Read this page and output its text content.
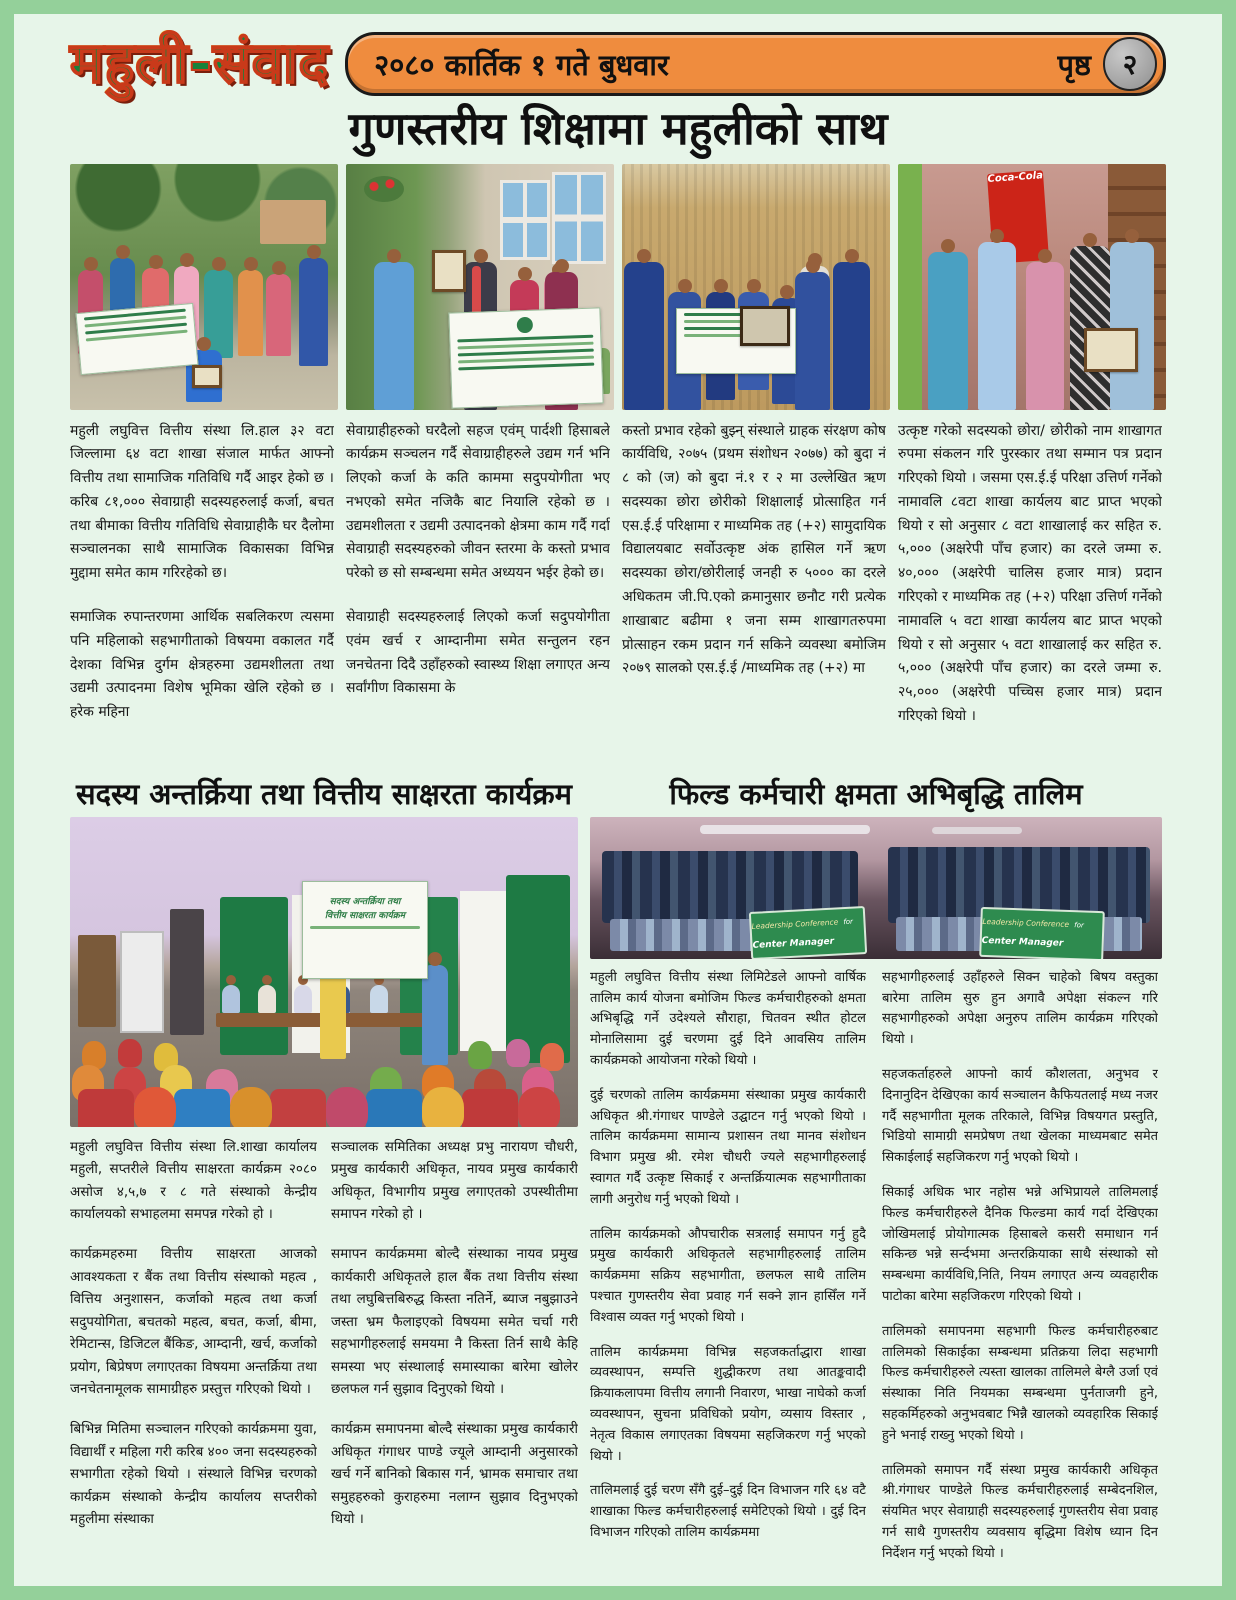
महुली-संवाद २०८० कार्तिक १ गते बुधवार	पृष्ठ	२
गुणस्तरीय शिक्षामा महुलीको साथ
Coca-Cola

महुली लघुवित्त वित्तीय संस्था लि.हाल ३२ वटा जिल्लामा ६४ वटा शाखा संजाल मार्फत आफ्नो वित्तीय तथा सामाजिक गतिविधि गर्दै आइर हेको छ । करिब ८१,००० सेवाग्राही सदस्यहरुलाई कर्जा, बचत तथा बीमाका वित्तीय गतिविधि सेवाग्राहीकै घर दैलोमा सञ्चालनका साथै सामाजिक विकासका विभिन्न मुद्दामा समेत काम गरिरहेको छ।

समाजिक रुपान्तरणमा आर्थिक सबलिकरण त्यसमा पनि महिलाको सहभागीताको विषयमा वकालत गर्दै देशका विभिन्न दुर्गम क्षेत्रहरुमा उद्यमशीलता तथा उद्यमी उत्पादनमा विशेष भूमिका खेलि रहेको छ । हरेक महिना

सेवाग्राहीहरुको घरदैलो सहज एवंम् पार्दशी हिसाबले कार्यक्रम सञ्चलन गर्दै सेवाग्राहीहरुले उद्यम गर्न भनि लिएको कर्जा के कति काममा सदुपयोगीता भए नभएको समेत नजिकै बाट नियालि रहेको छ । उद्यमशीलता र उद्यमी उत्पादनको क्षेत्रमा काम गर्दै गर्दा सेवाग्राही सदस्यहरुको जीवन स्तरमा के कस्तो प्रभाव परेको छ सो सम्बन्धमा समेत अध्ययन भईर हेको छ।

सेवाग्राही सदस्यहरुलाई लिएको कर्जा सदुपयोगीता एवंम खर्च र आम्दानीमा समेत सन्तुलन रहन जनचेतना दिदै उहाँहरुको स्वास्थ्य शिक्षा लगाएत अन्य सर्वांगीण विकासमा के

कस्तो प्रभाव रहेको बुझ्न् संस्थाले ग्राहक संरक्षण कोष कार्यविधि, २०७५ (प्रथम संशोधन २०७७) को बुदा नं ८ को (ज) को बुदा नं.१ र २ मा उल्लेखित ऋण सदस्यका छोरा छोरीको शिक्षालाई प्रोत्साहित गर्न एस.ई.ई परिक्षामा र माध्यमिक तह (+२) सामुदायिक विद्यालयबाट सर्वोउत्कृष्ट अंक हासिल गर्ने ऋण सदस्यका छोरा/छोरीलाई जनही रु ५००० का दरले अधिकतम जी.पि.एको क्रमानुसार छनौट गरी प्रत्येक शाखाबाट बढीमा १ जना सम्म शाखागतरुपमा प्रोत्साहन रकम प्रदान गर्न सकिने व्यवस्था बमोजिम २०७९ सालको एस.ई.ई /माध्यमिक तह (+२) मा

उत्कृष्ट गरेको सदस्यको छोरा/ छोरीको नाम शाखागत रुपमा संकलन गरि पुरस्कार तथा सम्मान पत्र प्रदान गरिएको थियो । जसमा एस.ई.ई परिक्षा उत्तिर्ण गर्नेको नामावलि ८वटा शाखा कार्यलय बाट प्राप्त भएको थियो र सो अनुसार ८ वटा शाखालाई कर सहित रु. ५,००० (अक्षरेपी पाँच हजार) का दरले जम्मा रु. ४०,००० (अक्षरेपी चालिस हजार मात्र) प्रदान गरिएको र माध्यमिक तह (+२) परिक्षा उत्तिर्ण गर्नेको नामावलि ५ वटा शाखा कार्यलय बाट प्राप्त भएको थियो र सो अनुसार ५ वटा शाखालाई कर सहित रु. ५,००० (अक्षरेपी पाँच हजार) का दरले जम्मा रु. २५,००० (अक्षरेपी पच्चिस हजार मात्र) प्रदान गरिएको थियो ।

सदस्य अन्तर्क्रिया तथा वित्तीय साक्षरता कार्यक्रम
सदस्य अन्तर्क्रिया तथा
वित्तीय साक्षरता कार्यक्रम

महुली लघुवित्त वित्तीय संस्था लि.शाखा कार्यालय महुली, सप्तरीले वित्तीय साक्षरता कार्यक्रम २०८० असोज ४,५,७ र ८ गते संस्थाको केन्द्रीय कार्यालयको सभाहलमा समपन्न गरेको हो ।

कार्यक्रमहरुमा वित्तीय साक्षरता आजको आवश्यकता र बैंक तथा वित्तीय संस्थाको महत्व , वित्तिय अनुशासन, कर्जाको महत्व तथा कर्जा सदुपयोगिता, बचतको महत्व, बचत, कर्जा, बीमा, रेमिटान्स, डिजिटल बैंकिङ, आम्दानी, खर्च, कर्जाको प्रयोग, बिप्रेषण लगाएतका विषयमा अन्तर्क्रिया तथा जनचेतनामूलक सामाग्रीहरु प्रस्तुत्त गरिएको थियो ।

बिभिन्न मितिमा सञ्चालन गरिएको कार्यक्रममा युवा, विद्यार्थीं र महिला गरी करिब ४०० जना सदस्यहरुको सभागीता रहेको थियो । संस्थाले विभिन्न चरणको कार्यक्रम संस्थाको केन्द्रीय कार्यालय सप्तरीको महुलीमा संस्थाका

सञ्चालक समितिका अध्यक्ष प्रभु नारायण चौधरी, प्रमुख कार्यकारी अधिकृत, नायव प्रमुख कार्यकारी अधिकृत, विभागीय प्रमुख लगाएतको उपस्थीतीमा समापन गरेको हो ।

समापन कार्यक्रममा बोल्दै संस्थाका नायव प्रमुख कार्यकारी अधिकृतले हाल बैंक तथा वित्तीय संस्था तथा लघुबित्तबिरुद्ध किस्ता नतिर्ने, ब्याज नबुझाउने जस्ता भ्रम फैलाइएको विषयमा समेत चर्चा गरी सहभागीहरुलाई समयमा नै किस्ता तिर्न साथै केहि समस्या भए संस्थालाई समास्याका बारेमा खोलेर छलफल गर्न सुझाव दिनुएको थियो ।

कार्यक्रम समापनमा बोल्दै संस्थाका प्रमुख कार्यकारी अधिकृत गंगाधर पाण्डे ज्यूले आम्दानी अनुसारको खर्च गर्ने बानिको बिकास गर्न, भ्रामक समाचार तथा समुहहरुको कुराहरुमा नलाग्न सुझाव दिनुभएको थियो ।

फिल्ड कर्मचारी क्षमता अभिबृद्धि तालिम
Leadership Conference for Center Manager
Leadership Conference for Center Manager

महुली लघुवित्त वित्तीय संस्था लिमिटेडले आफ्नो वार्षिक तालिम कार्य योजना बमोजिम फिल्ड कर्मचारीहरुको क्षमता अभिबृद्धि गर्ने उदेश्यले सौराहा, चितवन स्थीत होटल मोनालिसामा दुई चरणमा दुई दिने आवसिय तालिम कार्यक्रमको आयोजना गरेको थियो ।

दुई चरणको तालिम कार्यक्रममा संस्थाका प्रमुख कार्यकारी अधिकृत श्री.गंगाधर पाण्डेले उद्घाटन गर्नु भएको थियो । तालिम कार्यक्रममा सामान्य प्रशासन तथा मानव संशोधन विभाग प्रमुख श्री. रमेश चौधरी ज्यले सहभागीहरुलाई स्वागत गर्दै उत्कृष्ट सिकाई र अन्तर्क्रियात्मक सहभागीताका लागी अनुरोध गर्नु भएको थियो ।

तालिम कार्यक्रमको औपचारीक सत्रलाई समापन गर्नु हुदै प्रमुख कार्यकारी अधिकृतले सहभागीहरुलाई तालिम कार्यक्रममा सक्रिय सहभागीता, छलफल साथै तालिम पश्चात गुणस्तरीय सेवा प्रवाह गर्न सक्ने ज्ञान हासिँल गर्ने विश्वास व्यक्त गर्नु भएको थियो ।

तालिम कार्यक्रममा विभिन्न सहजकर्ताद्धारा शाखा व्यवस्थापन, सम्पत्ति शुद्धीकरण तथा आतङ्कवादी क्रियाकलापमा वित्तीय लगानी निवारण, भाखा नाघेको कर्जा व्यवस्थापन, सुचना प्रविधिको प्रयोग, व्यसाय विस्तार , नेतृत्व विकास लगाएतका विषयमा सहजिकरण गर्नु भएको थियो ।

तालिमलाई दुई चरण सँगै दुई–दुई दिन विभाजन गरि ६४ वटै शाखाका फिल्ड कर्मचारीहरुलाई समेटिएको थियो । दुई दिन विभाजन गरिएको तालिम कार्यक्रममा

सहभागीहरुलाई उहाँहरुले सिक्न चाहेको बिषय वस्तुका बारेमा तालिम सुरु हुन अगावै अपेक्षा संकल्न गरि सहभागीहरुको अपेक्षा अनुरुप तालिम कार्यक्रम गरिएको थियो ।

सहजकर्ताहरुले आफ्नो कार्य कौशलता, अनुभव र दिनानुदिन देखिएका कार्य सञ्चालन कैफियतलाई मध्य नजर गर्दै सहभागीता मूलक तरिकाले, विभिन्न विषयगत प्रस्तुति, भिडियो सामाग्री समप्रेषण तथा खेलका माध्यमबाट समेत सिकाईलाई सहजिकरण गर्नु भएको थियो ।

सिकाई अधिक भार नहोस भन्ने अभिप्रायले तालिमलाई फिल्ड कर्मचारीहरुले दैनिक फिल्डमा कार्य गर्दा देखिएका जोखिमलाई प्रोयोगात्मक हिसाबले कसरी समाधान गर्न सकिन्छ भन्ने सर्न्दभमा अन्तरक्रियाका साथै संस्थाको सो सम्बन्धमा कार्यविधि,निति, नियम लगाएत अन्य व्यवहारीक पाटोका बारेमा सहजिकरण गरिएको थियो ।

तालिमको समापनमा सहभागी फिल्ड कर्मचारीहरुबाट तालिमको सिकाईका सम्बन्धमा प्रतिक्रया लिदा सहभागी फिल्ड कर्मचारीहरुले त्यस्ता खालका तालिमले बेग्लै उर्जा एवं संस्थाका निति नियमका सम्बन्धमा पुर्नताजगी हुने, सहकर्मिहरुको अनुभवबाट भिन्नै खालको व्यवहारिक सिकाई हुने भनाई राख्नु भएको थियो ।

तालिमको समापन गर्दै संस्था प्रमुख कार्यकारी अधिकृत श्री.गंगाधर पाण्डेले फिल्ड कर्मचारीहरुलाई सम्बेदनशिल, संयमित भएर सेवाग्राही सदस्यहरुलाई गुणस्तरीय सेवा प्रवाह गर्न साथै गुणस्तरीय व्यवसाय बृद्धिमा विशेष ध्यान दिन निर्देशन गर्नु भएको थियो ।
